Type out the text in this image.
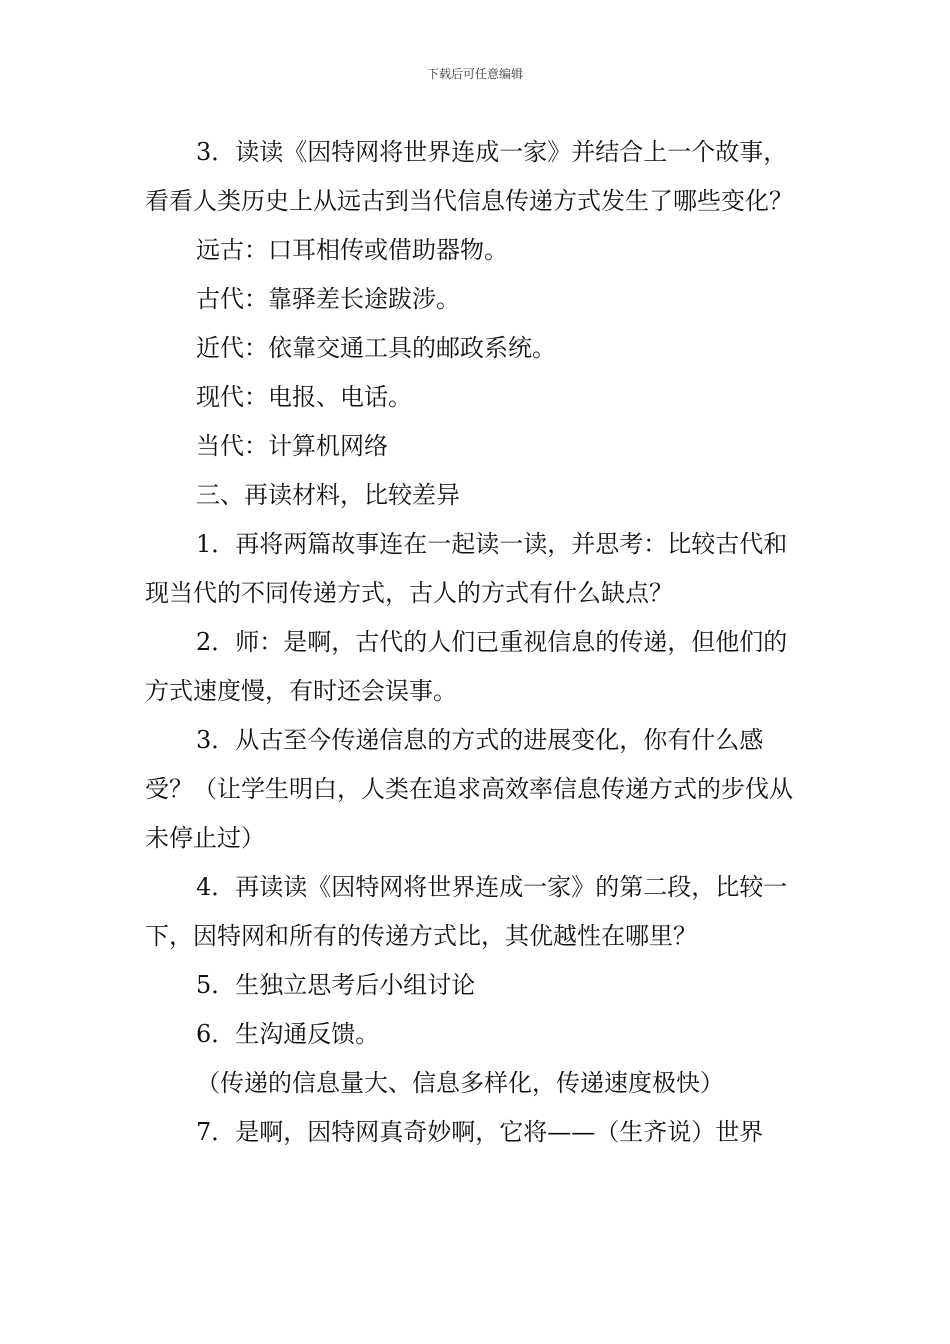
下载后可任意编辑

3．读读《因特网将世界连成一家》并结合上一个故事，看看人类历史上从远古到当代信息传递方式发生了哪些变化？

远古：口耳相传或借助器物。

古代：靠驿差长途跋涉。

近代：依靠交通工具的邮政系统。

现代：电报、电话。

当代：计算机网络

三、再读材料，比较差异

1．再将两篇故事连在一起读一读，并思考：比较古代和现当代的不同传递方式，古人的方式有什么缺点？

2．师：是啊，古代的人们已重视信息的传递，但他们的方式速度慢，有时还会误事。

3．从古至今传递信息的方式的进展变化，你有什么感受？（让学生明白，人类在追求高效率信息传递方式的步伐从未停止过）

4．再读读《因特网将世界连成一家》的第二段，比较一下，因特网和所有的传递方式比，其优越性在哪里？

5．生独立思考后小组讨论

6．生沟通反馈。

（传递的信息量大、信息多样化，传递速度极快）

7．是啊，因特网真奇妙啊，它将——（生齐说）世界
